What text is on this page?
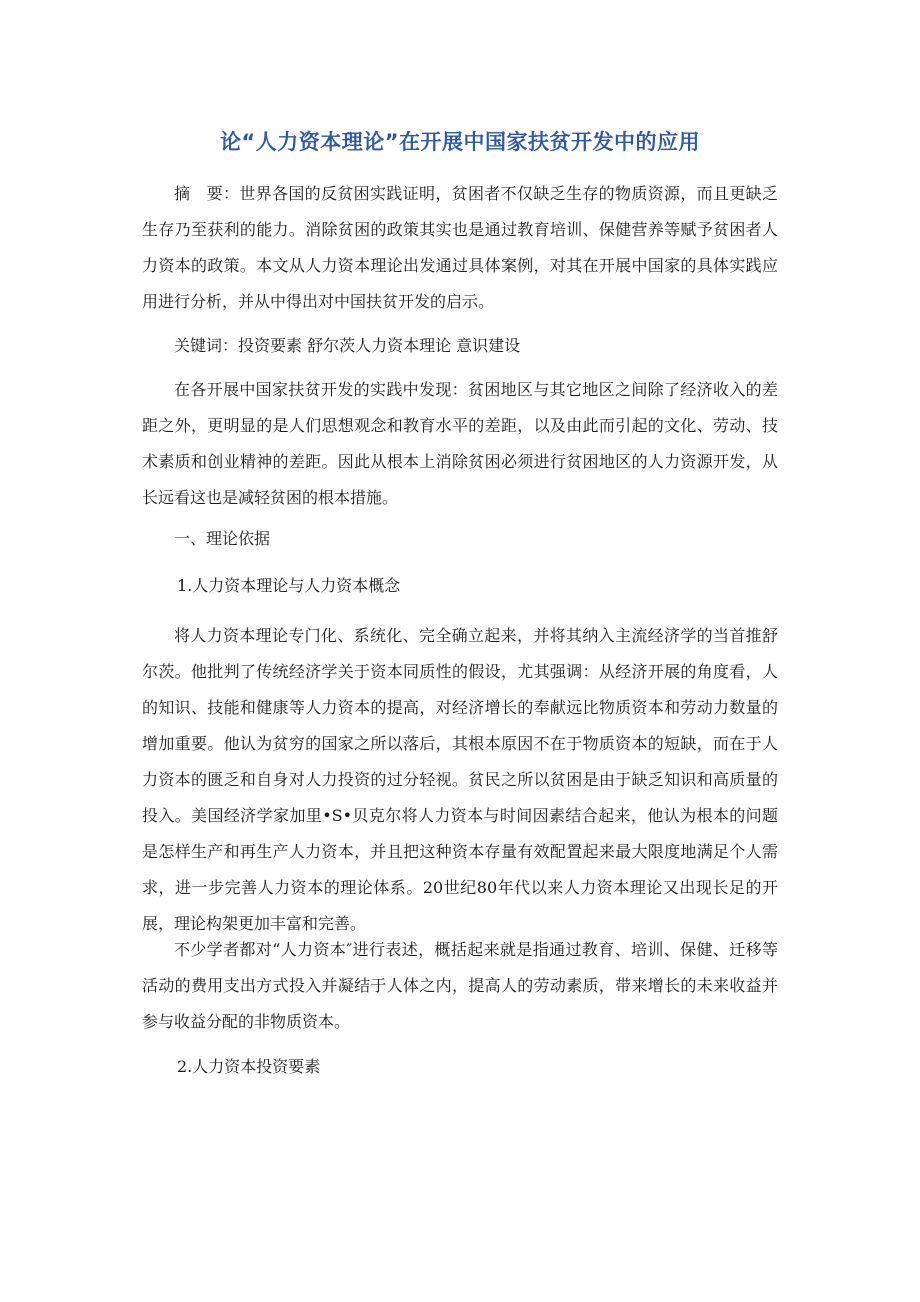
论“人力资本理论”在开展中国家扶贫开发中的应用

摘　要：世界各国的反贫困实践证明，贫困者不仅缺乏生存的物质资源，而且更缺乏生存乃至获利的能力。消除贫困的政策其实也是通过教育培训、保健营养等赋予贫困者人力资本的政策。本文从人力资本理论出发通过具体案例，对其在开展中国家的具体实践应用进行分析，并从中得出对中国扶贫开发的启示。

关键词：投资要素 舒尔茨人力资本理论 意识建设

在各开展中国家扶贫开发的实践中发现：贫困地区与其它地区之间除了经济收入的差距之外，更明显的是人们思想观念和教育水平的差距，以及由此而引起的文化、劳动、技术素质和创业精神的差距。因此从根本上消除贫困必须进行贫困地区的人力资源开发，从长远看这也是减轻贫困的根本措施。

一、理论依据

1.人力资本理论与人力资本概念

将人力资本理论专门化、系统化、完全确立起来，并将其纳入主流经济学的当首推舒尔茨。他批判了传统经济学关于资本同质性的假设，尤其强调：从经济开展的角度看，人的知识、技能和健康等人力资本的提高，对经济增长的奉献远比物质资本和劳动力数量的增加重要。他认为贫穷的国家之所以落后，其根本原因不在于物质资本的短缺，而在于人力资本的匮乏和自身对人力投资的过分轻视。贫民之所以贫困是由于缺乏知识和高质量的投入。美国经济学家加里•S•贝克尔将人力资本与时间因素结合起来，他认为根本的问题是怎样生产和再生产人力资本，并且把这种资本存量有效配置起来最大限度地满足个人需求，进一步完善人力资本的理论体系。20世纪80年代以来人力资本理论又出现长足的开展，理论构架更加丰富和完善。

不少学者都对“人力资本″进行表述，概括起来就是指通过教育、培训、保健、迁移等活动的费用支出方式投入并凝结于人体之内，提高人的劳动素质，带来增长的未来收益并参与收益分配的非物质资本。

2.人力资本投资要素
